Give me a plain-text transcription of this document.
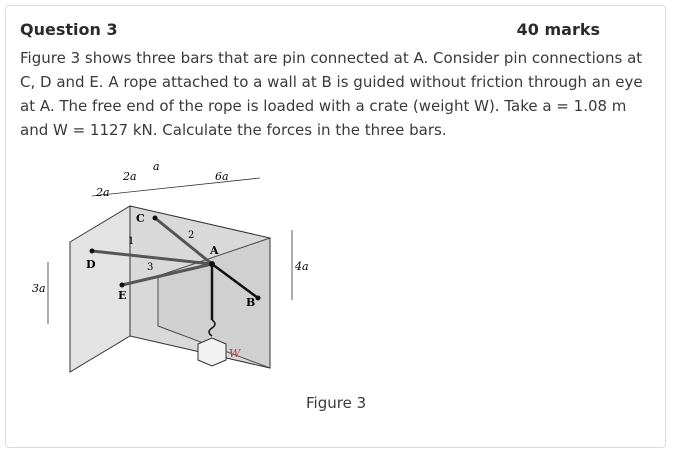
Question 3	40 marks

Figure 3 shows three bars that are pin connected at A. Consider pin connections at C, D and E. A rope attached to a wall at B is guided without friction through an eye at A. The free end of the rope is loaded with a crate (weight W). Take a = 1.08 m and W = 1127 kN. Calculate the forces in the three bars.

2a
a
6a
2a
4a
3a
C
D
E
A
B
1
2
3
W
Figure 3
